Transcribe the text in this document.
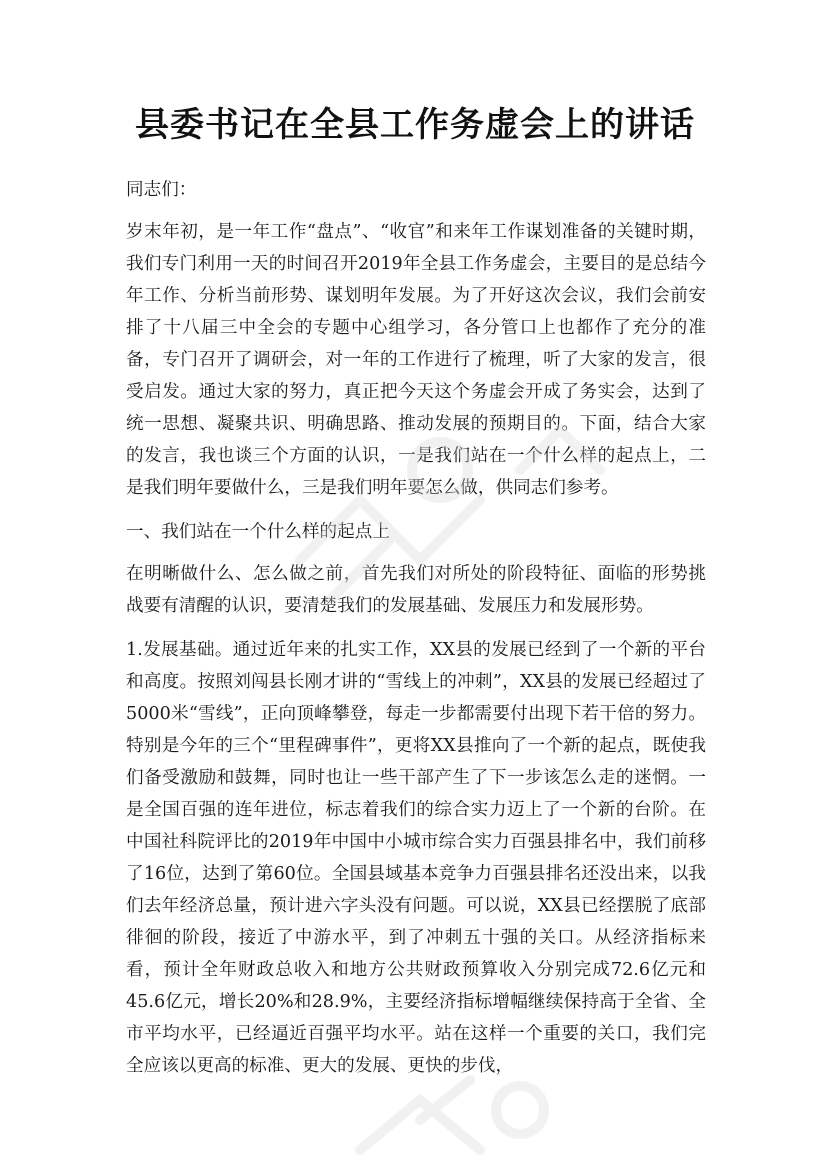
县委书记在全县工作务虚会上的讲话

同志们：

岁末年初，是一年工作“盘点”、“收官”和来年工作谋划准备的关键时期，我们专门利用一天的时间召开2019年全县工作务虚会，主要目的是总结今年工作、分析当前形势、谋划明年发展。为了开好这次会议，我们会前安排了十八届三中全会的专题中心组学习，各分管口上也都作了充分的准备，专门召开了调研会，对一年的工作进行了梳理，听了大家的发言，很受启发。通过大家的努力，真正把今天这个务虚会开成了务实会，达到了统一思想、凝聚共识、明确思路、推动发展的预期目的。下面，结合大家的发言，我也谈三个方面的认识，一是我们站在一个什么样的起点上，二是我们明年要做什么，三是我们明年要怎么做，供同志们参考。

一、我们站在一个什么样的起点上

在明晰做什么、怎么做之前，首先我们对所处的阶段特征、面临的形势挑战要有清醒的认识，要清楚我们的发展基础、发展压力和发展形势。

1.发展基础。通过近年来的扎实工作，XX县的发展已经到了一个新的平台和高度。按照刘闯县长刚才讲的“雪线上的冲刺”，XX县的发展已经超过了5000米“雪线”，正向顶峰攀登，每走一步都需要付出现下若干倍的努力。特别是今年的三个“里程碑事件”，更将XX县推向了一个新的起点，既使我们备受激励和鼓舞，同时也让一些干部产生了下一步该怎么走的迷惘。一是全国百强的连年进位，标志着我们的综合实力迈上了一个新的台阶。在中国社科院评比的2019年中国中小城市综合实力百强县排名中，我们前移了16位，达到了第60位。全国县域基本竞争力百强县排名还没出来，以我们去年经济总量，预计进六字头没有问题。可以说，XX县已经摆脱了底部徘徊的阶段，接近了中游水平，到了冲刺五十强的关口。从经济指标来看，预计全年财政总收入和地方公共财政预算收入分别完成72.6亿元和45.6亿元，增长20%和28.9%，主要经济指标增幅继续保持高于全省、全市平均水平，已经逼近百强平均水平。站在这样一个重要的关口，我们完全应该以更高的标准、更大的发展、更快的步伐，
